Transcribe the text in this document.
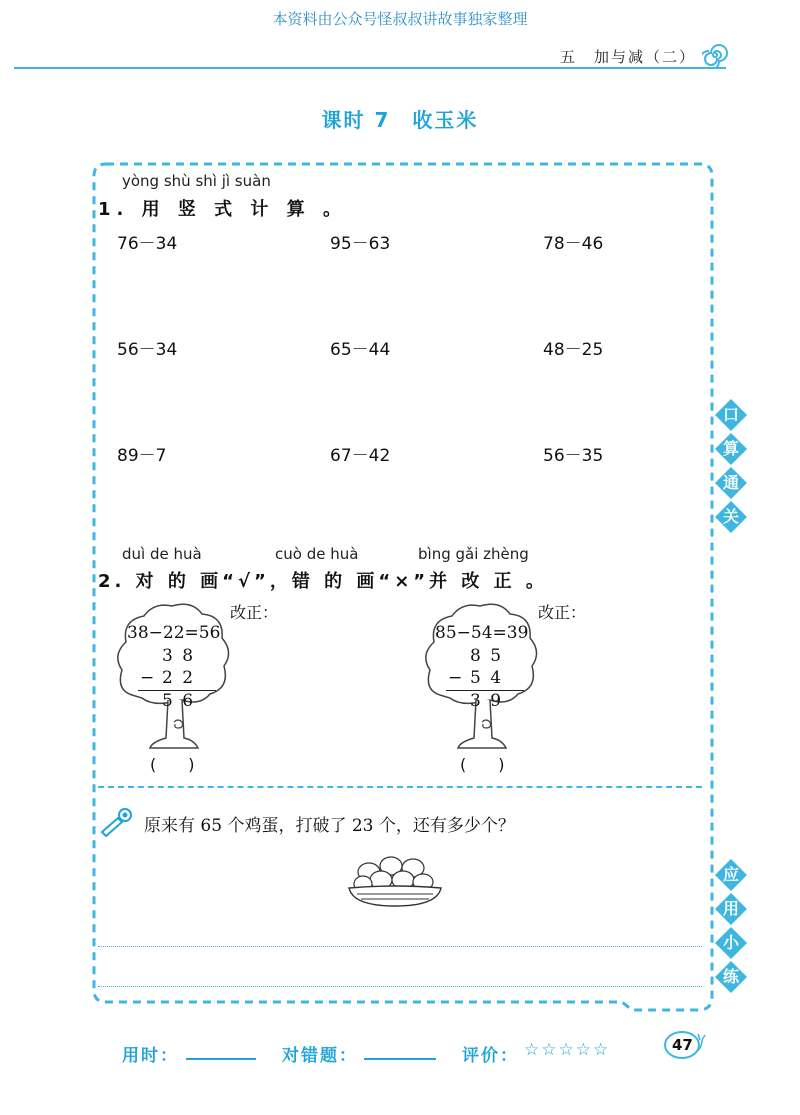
本资料由公众号怪叔叔讲故事独家整理
五　加与减（二）
课时 7　收玉米
yòng shù shì jì suàn
1. 用 竖 式 计 算 。
76－34	95－63	78－46
56－34	65－44	48－25
89－7	67－42	56－35
duì de huà	cuò de huà	bìng gǎi zhèng
2. 对 的 画“√”，错 的 画“×”并 改 正 。
38−22=56
3 8
− 2 2
5 6
改正：
(　　)
85−54=39
8 5
− 5 4
3 9
改正：
(　　)
原来有 65 个鸡蛋，打破了 23 个，还有多少个？
口
算
通
关
应
用
小
练
用时：	对错题：	评价： ☆☆☆☆☆	47
